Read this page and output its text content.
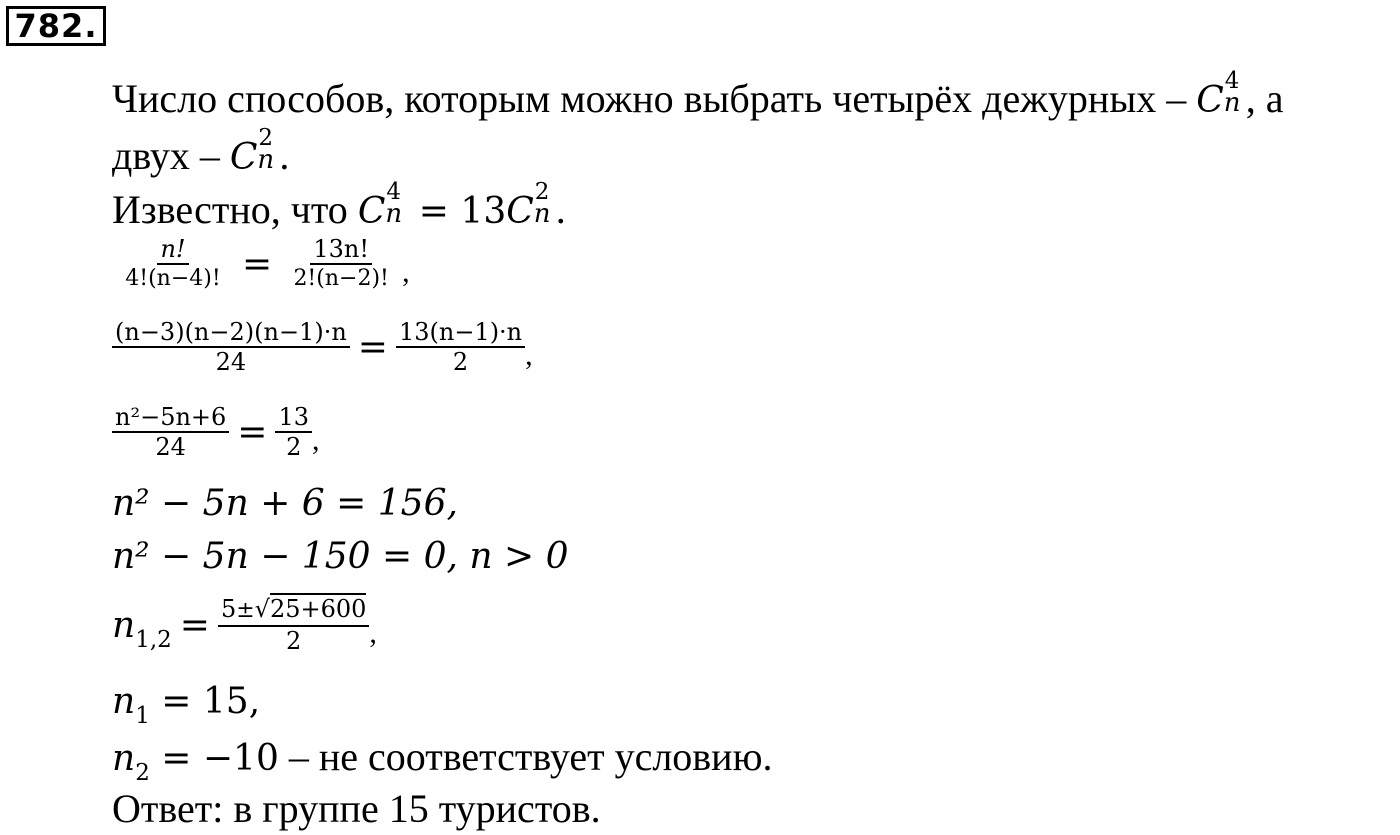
782.
Число способов, которым можно выбрать четырёх дежурных – C 4
n , а
двух – C 2
n .
Известно, что C 4
n = 13C 2
n .
$\frac{n!}{4!(n-4)!} = \frac{13n!}{2!(n-2)!}$ ,
$\frac{(n-3)(n-2)(n-1)\cdot n}{24} = \frac{13(n-1)\cdot n}{2}$ ,
$\frac{\text{n²−5n+6}}{24} = \frac{13}{2}$ ,
n² − 5n + 6 = 156,
n² − 5n − 150 = 0, n > 0
$n_{1,2} = \frac{5\pm√25+600}{2}$ ,
$n_1 = 15$,
$n_2 = -10$ – не соответствует условию.
Ответ: в группе 15 туристов.
